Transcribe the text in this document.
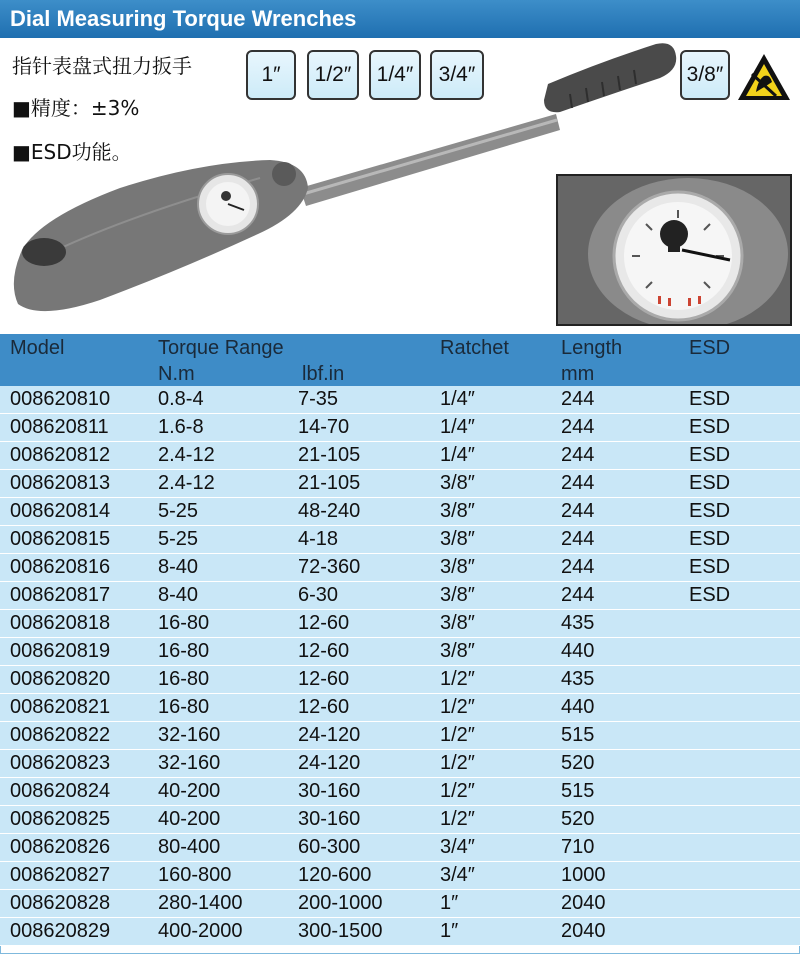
Dial Measuring Torque Wrenches
指针表盘式扭力扳手
■精度：±3%
■ESD功能。
1″	1/2″	1/4″	3/4″	3/8″
Model	Torque Range
N.m	lbf.in
Ratchet	Length
mm
ESD
008620810 0.8-4	7-35	1/4″	244	ESD
008620811 1.6-8	14-70	1/4″	244	ESD
008620812 2.4-12	21-105	1/4″	244	ESD
008620813 2.4-12	21-105	3/8″	244	ESD
008620814 5-25	48-240	3/8″	244	ESD
008620815 5-25	4-18	3/8″	244	ESD
008620816 8-40	72-360	3/8″	244	ESD
008620817 8-40	6-30	3/8″	244	ESD
008620818 16-80	12-60	3/8″	435
008620819 16-80	12-60	3/8″	440
008620820 16-80	12-60	1/2″	435
008620821 16-80	12-60	1/2″	440
008620822 32-160	24-120	1/2″	515
008620823 32-160	24-120	1/2″	520
008620824 40-200	30-160	1/2″	515
008620825 40-200	30-160	1/2″	520
008620826 80-400	60-300	3/4″	710
008620827 160-800	120-600	3/4″	1000
008620828 280-1400	200-1000	1″	2040
008620829 400-2000	300-1500	1″	2040
